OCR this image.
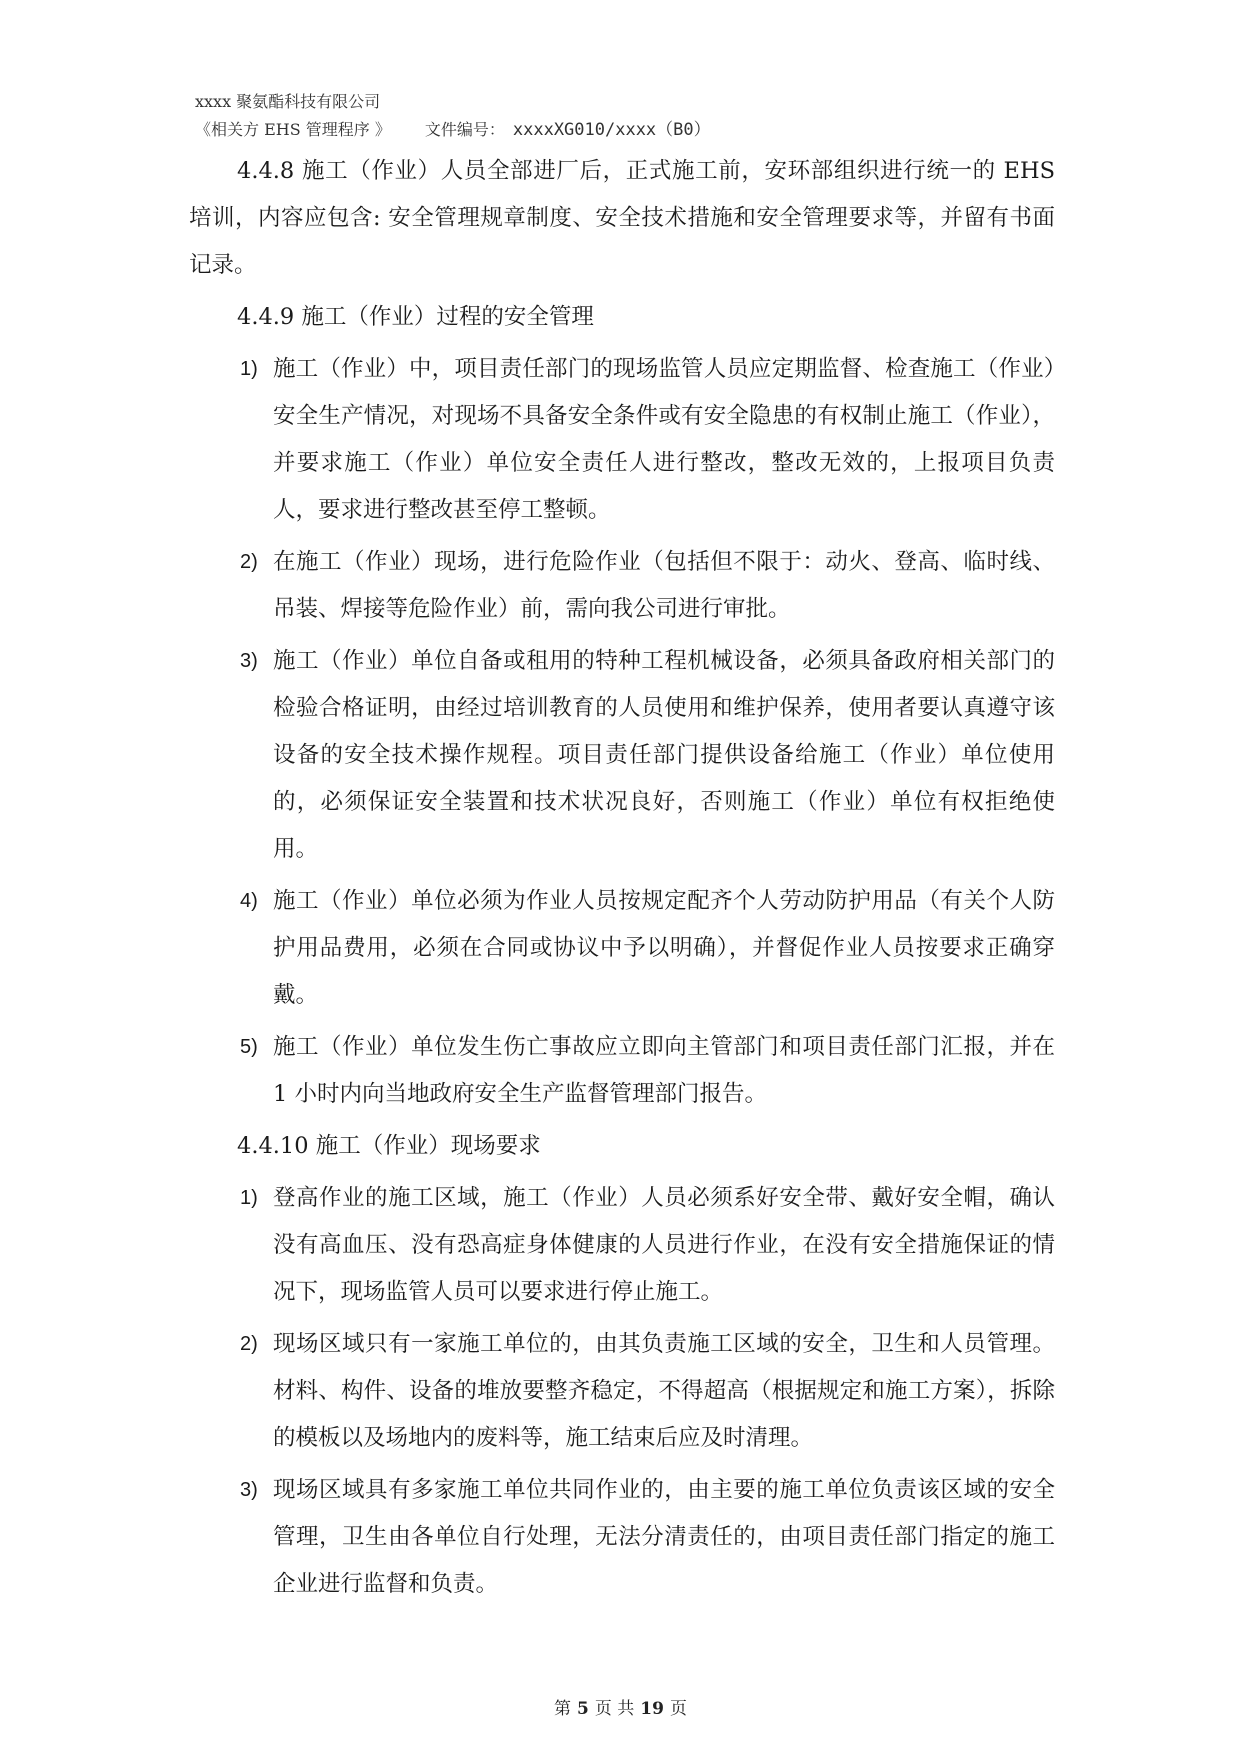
xxxx 聚氨酯科技有限公司
《相关方 EHS 管理程序 》 文件编号： xxxxXG010/xxxx（B0）

4.4.8 施工（作业）人员全部进厂后，正式施工前，安环部组织进行统一的 EHS 培训，内容应包含: 安全管理规章制度、安全技术措施和安全管理要求等，并留有书面记录。

4.4.9 施工（作业）过程的安全管理

1) 施工（作业）中，项目责任部门的现场监管人员应定期监督、检查施工（作业）安全生产情况，对现场不具备安全条件或有安全隐患的有权制止施工（作业），并要求施工（作业）单位安全责任人进行整改，整改无效的，上报项目负责人，要求进行整改甚至停工整顿。
2) 在施工（作业）现场，进行危险作业（包括但不限于：动火、登高、临时线、吊装、焊接等危险作业）前，需向我公司进行审批。
3) 施工（作业）单位自备或租用的特种工程机械设备，必须具备政府相关部门的检验合格证明，由经过培训教育的人员使用和维护保养，使用者要认真遵守该设备的安全技术操作规程。项目责任部门提供设备给施工（作业）单位使用的，必须保证安全装置和技术状况良好，否则施工（作业）单位有权拒绝使用。
4) 施工（作业）单位必须为作业人员按规定配齐个人劳动防护用品（有关个人防护用品费用，必须在合同或协议中予以明确），并督促作业人员按要求正确穿戴。
5) 施工（作业）单位发生伤亡事故应立即向主管部门和项目责任部门汇报，并在 1 小时内向当地政府安全生产监督管理部门报告。

4.4.10 施工（作业）现场要求

1) 登高作业的施工区域，施工（作业）人员必须系好安全带、戴好安全帽，确认没有高血压、没有恐高症身体健康的人员进行作业，在没有安全措施保证的情况下，现场监管人员可以要求进行停止施工。
2) 现场区域只有一家施工单位的，由其负责施工区域的安全，卫生和人员管理。材料、构件、设备的堆放要整齐稳定，不得超高（根据规定和施工方案），拆除的模板以及场地内的废料等，施工结束后应及时清理。
3) 现场区域具有多家施工单位共同作业的，由主要的施工单位负责该区域的安全管理，卫生由各单位自行处理，无法分清责任的，由项目责任部门指定的施工企业进行监督和负责。
第 5 页 共 19 页
